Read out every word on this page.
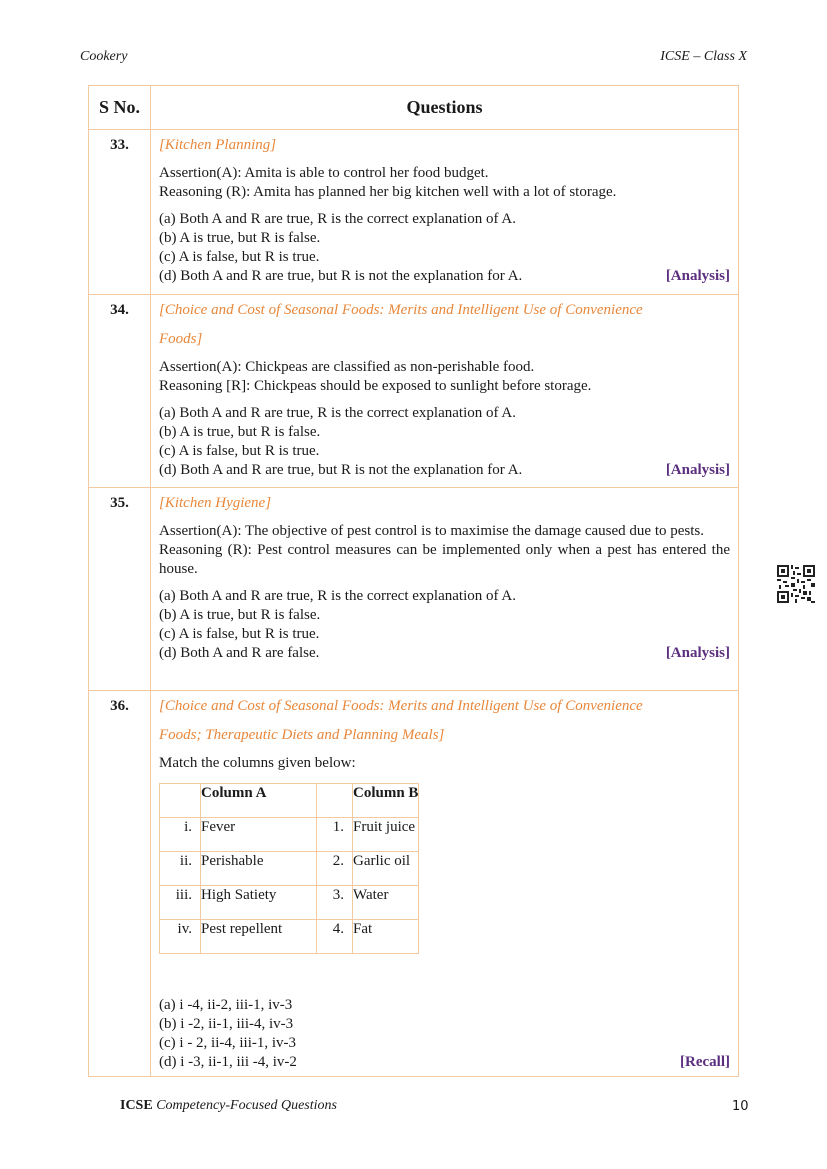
Cookery	ICSE – Class X
S No.	Questions
33.	[Kitchen Planning]
Assertion(A): Amita is able to control her food budget.
Reasoning (R): Amita has planned her big kitchen well with a lot of storage.
(a) Both A and R are true, R is the correct explanation of A.
(b) A is true, but R is false.
(c) A is false, but R is true.
(d) Both A and R are true, but R is not the explanation for A.	[Analysis]

34.	[Choice and Cost of Seasonal Foods: Merits and Intelligent Use of Convenience
Foods]
Assertion(A): Chickpeas are classified as non-perishable food.
Reasoning [R]: Chickpeas should be exposed to sunlight before storage.
(a) Both A and R are true, R is the correct explanation of A.
(b) A is true, but R is false.
(c) A is false, but R is true.
(d) Both A and R are true, but R is not the explanation for A.	[Analysis]

35.	[Kitchen Hygiene]
Assertion(A): The objective of pest control is to maximise the damage caused due to pests.
Reasoning (R): Pest control measures can be implemented only when a pest has entered the house.
(a) Both A and R are true, R is the correct explanation of A.
(b) A is true, but R is false.
(c) A is false, but R is true.
(d) Both A and R are false.	[Analysis]

36.	[Choice and Cost of Seasonal Foods: Merits and Intelligent Use of Convenience
Foods; Therapeutic Diets and Planning Meals]
Match the columns given below:
	Column A		Column B
i.	Fever	1.	Fruit juice
ii.	Perishable	2.	Garlic oil
iii.	High Satiety	3.	Water
iv.	Pest repellent	4.	Fat
(a) i -4, ii-2, iii-1, iv-3
(b) i -2, ii-1, iii-4, iv-3
(c) i - 2, ii-4, iii-1, iv-3
(d) i -3, ii-1, iii -4, iv-2	[Recall]
ICSE Competency-Focused Questions	10
